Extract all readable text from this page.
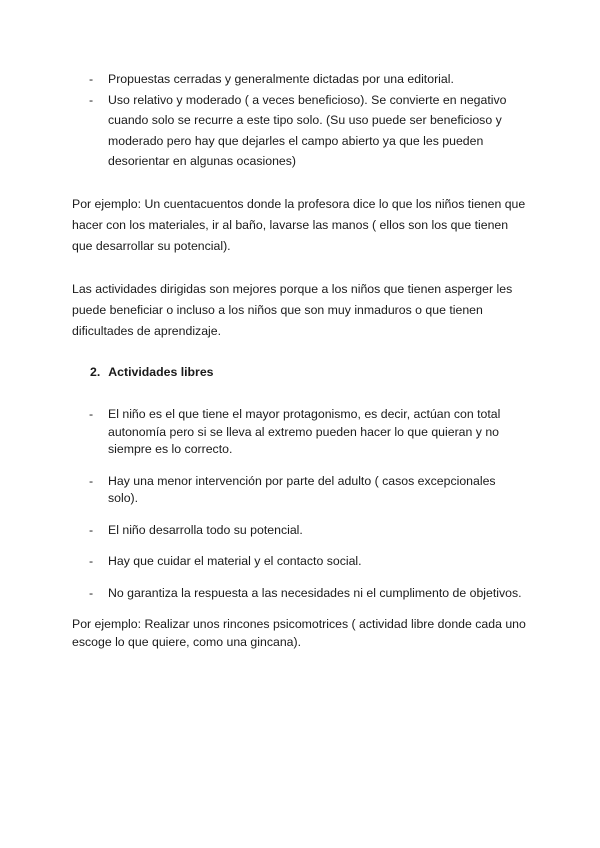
- Propuestas cerradas y generalmente dictadas por una editorial.
- Uso relativo y moderado ( a veces beneficioso). Se convierte en negativo cuando solo se recurre a este tipo solo. (Su uso puede ser beneficioso y moderado pero hay que dejarles el campo abierto ya que les pueden desorientar en algunas ocasiones)

Por ejemplo: Un cuentacuentos donde la profesora dice lo que los niños tienen que hacer con los materiales, ir al baño, lavarse las manos ( ellos son los que tienen que desarrollar su potencial).

Las actividades dirigidas son mejores porque a los niños que tienen asperger les puede beneficiar o incluso a los niños que son muy inmaduros o que tienen dificultades de aprendizaje.

2. Actividades libres
- El niño es el que tiene el mayor protagonismo, es decir, actúan con total autonomía pero si se lleva al extremo pueden hacer lo que quieran y no siempre es lo correcto.
- Hay una menor intervención por parte del adulto ( casos excepcionales solo).
- El niño desarrolla todo su potencial.
- Hay que cuidar el material y el contacto social.
- No garantiza la respuesta a las necesidades ni el cumplimento de objetivos.

Por ejemplo: Realizar unos rincones psicomotrices ( actividad libre donde cada uno escoge lo que quiere, como una gincana).
